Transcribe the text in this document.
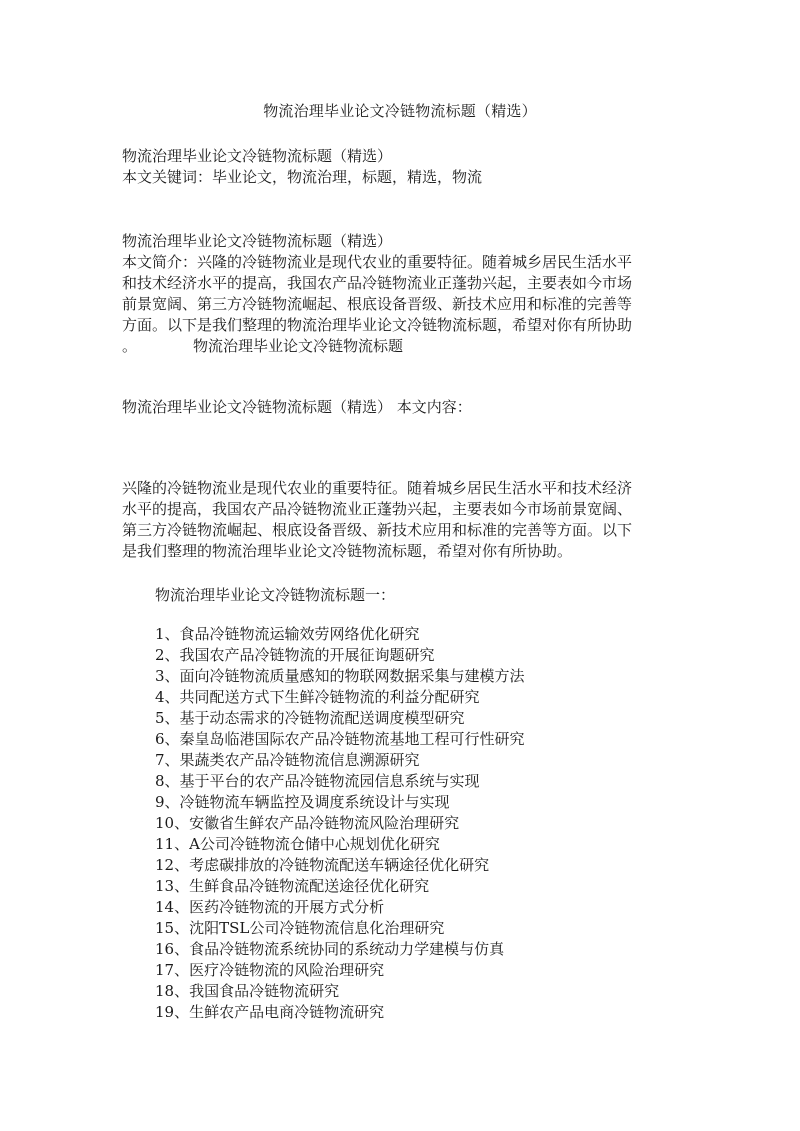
物流治理毕业论文冷链物流标题（精选）

物流治理毕业论文冷链物流标题（精选）

本文关键词：毕业论文，物流治理，标题，精选，物流

物流治理毕业论文冷链物流标题（精选）

本文简介：兴隆的冷链物流业是现代农业的重要特征。随着城乡居民生活水平

和技术经济水平的提高，我国农产品冷链物流业正蓬勃兴起，主要表如今市场

前景宽阔、第三方冷链物流崛起、根底设备晋级、新技术应用和标准的完善等

方面。以下是我们整理的物流治理毕业论文冷链物流标题，希望对你有所协助

。	物流治理毕业论文冷链物流标题

物流治理毕业论文冷链物流标题（精选） 本文内容：

兴隆的冷链物流业是现代农业的重要特征。随着城乡居民生活水平和技术经济

水平的提高，我国农产品冷链物流业正蓬勃兴起，主要表如今市场前景宽阔、

第三方冷链物流崛起、根底设备晋级、新技术应用和标准的完善等方面。以下

是我们整理的物流治理毕业论文冷链物流标题，希望对你有所协助。

物流治理毕业论文冷链物流标题一：
1、食品冷链物流运输效劳网络优化研究
2、我国农产品冷链物流的开展征询题研究
3、面向冷链物流质量感知的物联网数据采集与建模方法
4、共同配送方式下生鲜冷链物流的利益分配研究
5、基于动态需求的冷链物流配送调度模型研究
6、秦皇岛临港国际农产品冷链物流基地工程可行性研究
7、果蔬类农产品冷链物流信息溯源研究
8、基于平台的农产品冷链物流园信息系统与实现
9、冷链物流车辆监控及调度系统设计与实现
10、安徽省生鲜农产品冷链物流风险治理研究
11、A公司冷链物流仓储中心规划优化研究
12、考虑碳排放的冷链物流配送车辆途径优化研究
13、生鲜食品冷链物流配送途径优化研究
14、医药冷链物流的开展方式分析
15、沈阳TSL公司冷链物流信息化治理研究
16、食品冷链物流系统协同的系统动力学建模与仿真
17、医疗冷链物流的风险治理研究
18、我国食品冷链物流研究
19、生鲜农产品电商冷链物流研究
